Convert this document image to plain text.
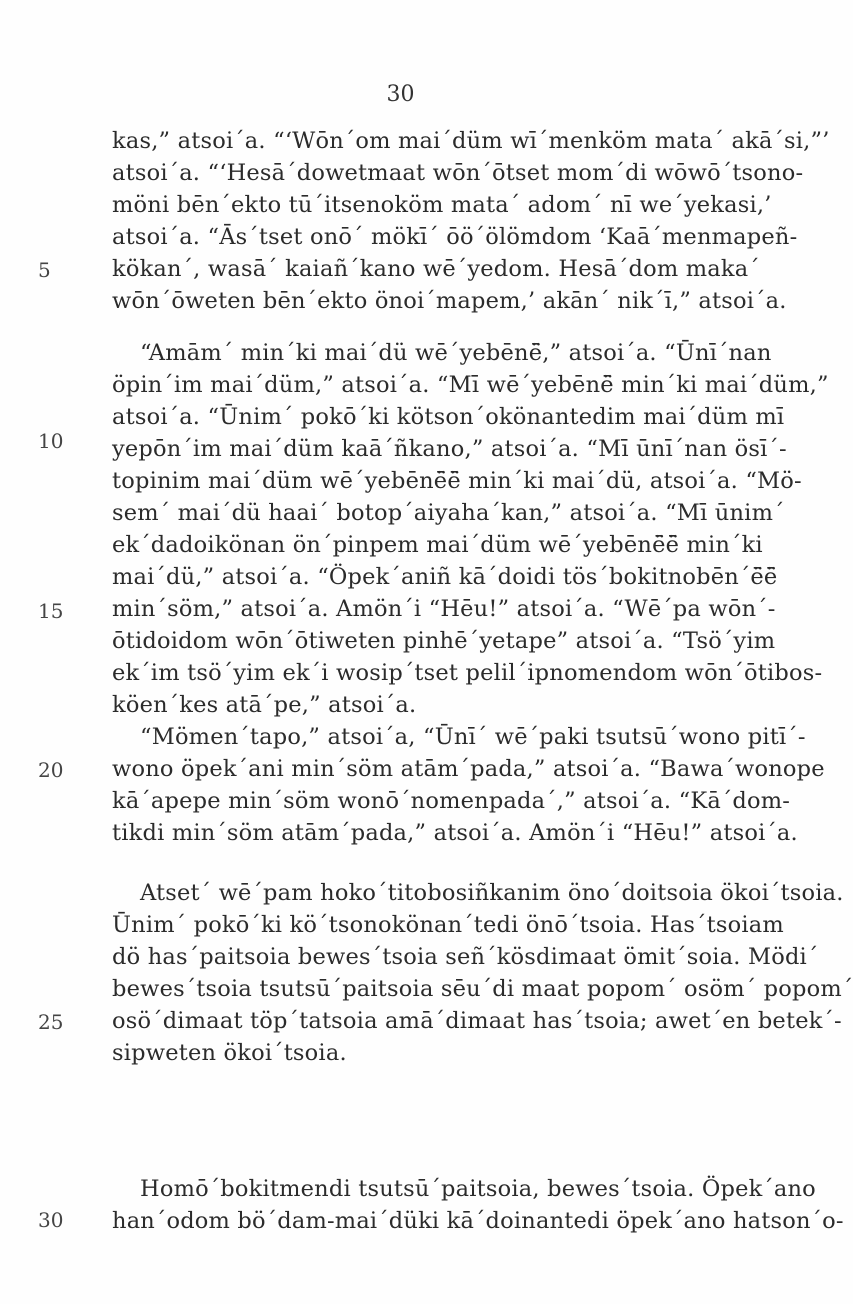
30
5
10
15
20
25
30
kas,” atsoi´a. “‘Wōn´om mai´düm wī´menköm mata´ akā´si,”’
atsoi´a. “‘Hesā´dowetmaat wōn´ōtset mom´di wōwō´tsono-
möni bēn´ekto tū´itsenoköm mata´ adom´ nī we´yekasi,’
atsoi´a. “Ās´tset onō´ mökī´ ōö´ölömdom ‘Kaā´menmapeñ-
kökan´, wasā´ kaiañ´kano wē´yedom. Hesā´dom maka´
wōn´ōweten bēn´ekto önoi´mapem,’ akān´ nik´ī,” atsoi´a.
“Amām´ min´ki mai´dü wē´yebēnē̈,” atsoi´a. “Ūnī´nan
öpin´im mai´düm,” atsoi´a. “Mī wē´yebēnē̈ min´ki mai´düm,”
atsoi´a. “Ūnim´ pokō´ki kötson´okönantedim mai´düm mī
yepōn´im mai´düm kaā´ñkano,” atsoi´a. “Mī ūnī´nan ösī´-
topinim mai´düm wē´yebēnē̈ē̈ min´ki mai´dü, atsoi´a. “Mö-
sem´ mai´dü haai´ botop´aiyaha´kan,” atsoi´a. “Mī ūnim´
ek´dadoikönan ön´pinpem mai´düm wē´yebēnē̈ē̈ min´ki
mai´dü,” atsoi´a. “Öpek´aniñ kā´doidi tös´bokitnobēn´ē̈ē̈
min´söm,” atsoi´a. Amön´i “Hēu!” atsoi´a. “Wē´pa wōn´-
ōtidoidom wōn´ōtiweten pinhē´yetape” atsoi´a. “Tsö´yim
ek´im tsö´yim ek´i wosip´tset pelil´ipnomendom wōn´ōtibos-
köen´kes atā´pe,” atsoi´a.
“Mömen´tapo,” atsoi´a, “Ūnī´ wē´paki tsutsū´wono pitī´-
wono öpek´ani min´söm atām´pada,” atsoi´a. “Bawa´wonope
kā´apepe min´söm wonō´nomenpada´,” atsoi´a. “Kā´dom-
tikdi min´söm atām´pada,” atsoi´a. Amön´i “Hēu!” atsoi´a.
Atset´ wē´pam hoko´titobosiñkanim öno´doitsoia ökoi´tsoia.
Ūnim´ pokō´ki kö´tsonokönan´tedi önō´tsoia. Has´tsoiam
dö has´paitsoia bewes´tsoia señ´kösdimaat ömit´soia. Mödi´
bewes´tsoia tsutsū´paitsoia sēu´di maat popom´ osöm´ popom´
osö´dimaat töp´tatsoia amā´dimaat has´tsoia; awet´en betek´-
sipweten ökoi´tsoia.
Homō´bokitmendi tsutsū´paitsoia, bewes´tsoia. Öpek´ano
han´odom bö´dam-mai´düki kā´doinantedi öpek´ano hatson´o-
